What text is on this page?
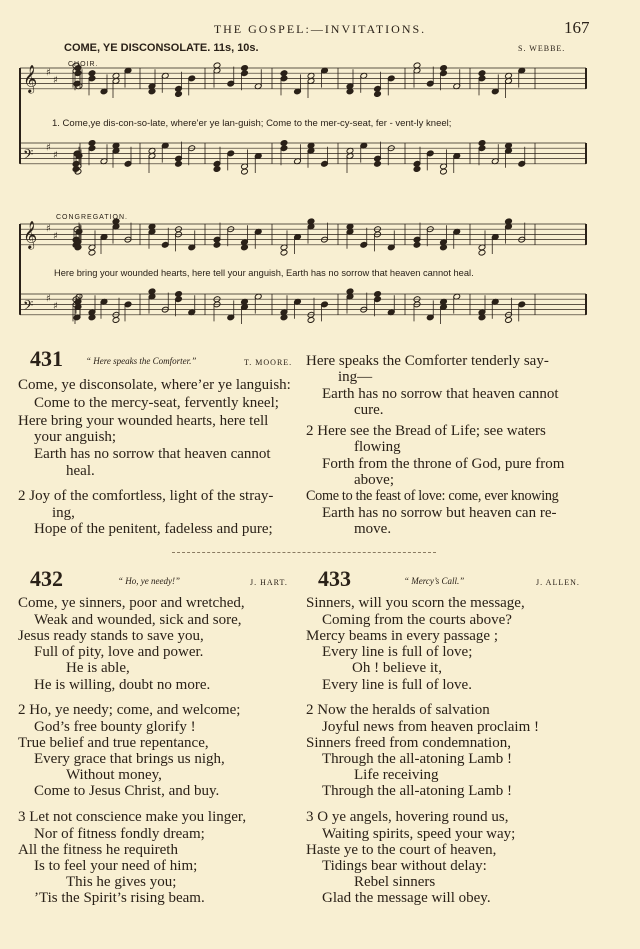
THE GOSPEL:—INVITATIONS.	167
COME, YE DISCONSOLATE. 11s, 10s.	S. WEBBE.
𝄞 ♯
♯
𝄢 ♯
♯
𝄞 ♯
♯
𝄢 ♯
♯
CHOIR.
1. Come,ye dis-con-so-late, where'er ye lan-guish; Come to the mer-cy-seat, fer - vent-ly kneel;
CONGREGATION.
Here bring your wounded hearts, here tell your anguish, Earth has no sorrow that heaven cannot heal.
431	“ Here speaks the Comforter.”	T. MOORE.
Come, ye disconsolate, where’er ye languish:
Come to the mercy-seat, fervently kneel;
Here bring your wounded hearts, here tell
your anguish;
Earth has no sorrow that heaven cannot
heal.
2 Joy of the comfortless, light of the stray-
ing,
Hope of the penitent, fadeless and pure;
Here speaks the Comforter tenderly say-
ing—
Earth has no sorrow that heaven cannot
cure.
2 Here see the Bread of Life; see waters
flowing
Forth from the throne of God, pure from
above;
Come to the feast of love: come, ever knowing
Earth has no sorrow but heaven can re-
move.
432	“ Ho, ye needy!”	J. HART.
Come, ye sinners, poor and wretched,
Weak and wounded, sick and sore,
Jesus ready stands to save you,
Full of pity, love and power.
He is able,
He is willing, doubt no more.
2 Ho, ye needy; come, and welcome;
God’s free bounty glorify !
True belief and true repentance,
Every grace that brings us nigh,
Without money,
Come to Jesus Christ, and buy.
3 Let not conscience make you linger,
Nor of fitness fondly dream;
All the fitness he requireth
Is to feel your need of him;
This he gives you;
’Tis the Spirit’s rising beam.
433	“ Mercy’s Call.”	J. ALLEN.
Sinners, will you scorn the message,
Coming from the courts above?
Mercy beams in every passage ;
Every line is full of love;
Oh ! believe it,
Every line is full of love.
2 Now the heralds of salvation
Joyful news from heaven proclaim !
Sinners freed from condemnation,
Through the all-atoning Lamb !
Life receiving
Through the all-atoning Lamb !
3 O ye angels, hovering round us,
Waiting spirits, speed your way;
Haste ye to the court of heaven,
Tidings bear without delay:
Rebel sinners
Glad the message will obey.
